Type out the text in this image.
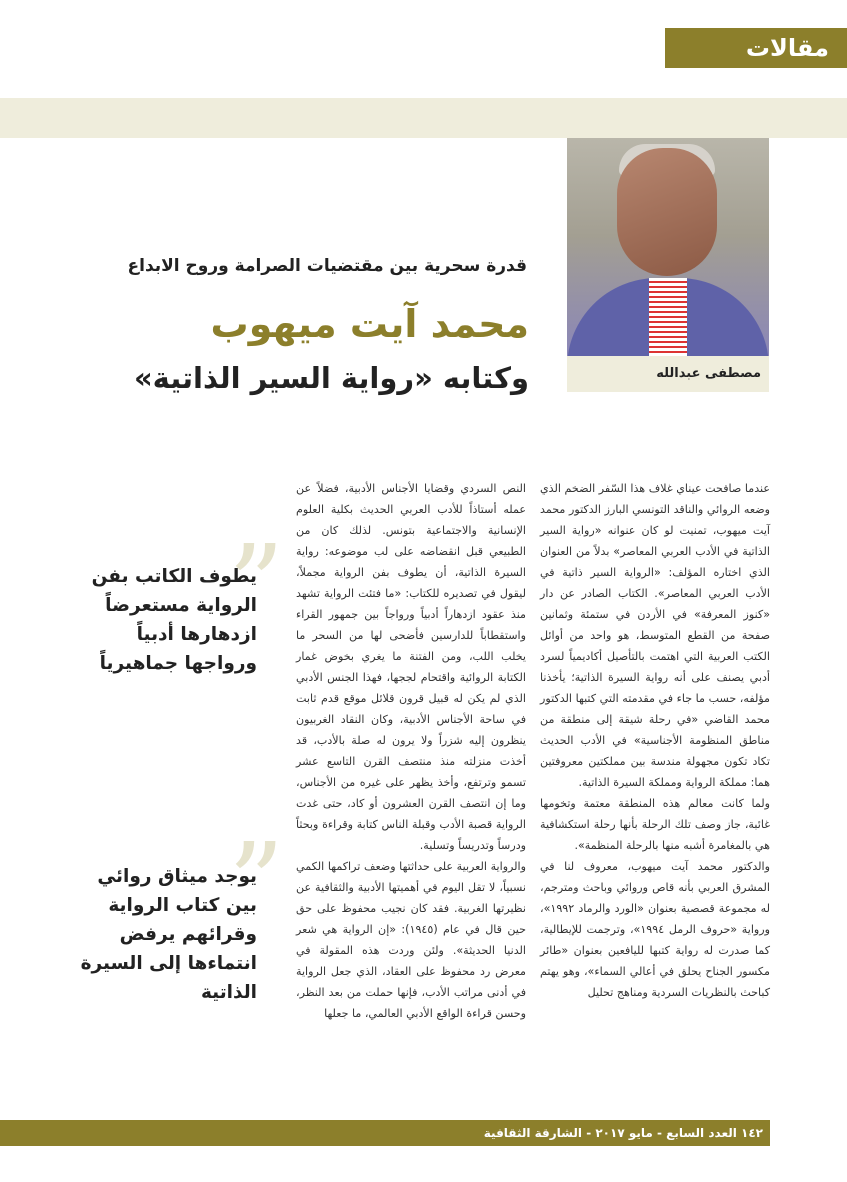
مقالات
مصطفى عبدالله
قدرة سحرية بين مقتضيات الصرامة وروح الابداع
محمد آيت ميهوب
وكتابه «رواية السير الذاتية»

عندما صافحت عيناي غلاف هذا السّفر الضخم الذي وضعه الروائي والناقد التونسي البارز الدكتور محمد آيت ميهوب، تمنيت لو كان عنوانه «رواية السير الذاتية في الأدب العربي المعاصر» بدلاً من العنوان الذي اختاره المؤلف: «الرواية السير ذاتية في الأدب العربي المعاصر». الكتاب الصادر عن دار «كنوز المعرفة» في الأردن في ستمئة وثمانين صفحة من القطع المتوسط، هو واحد من أوائل الكتب العربية التي اهتمت بالتأصيل أكاديمياً لسرد أدبي يصنف على أنه رواية السيرة الذاتية؛ يأخذنا مؤلفه، حسب ما جاء في مقدمته التي كتبها الدكتور محمد القاضي «في رحلة شيقة إلى منطقة من مناطق المنظومة الأجناسية» في الأدب الحديث تكاد تكون مجهولة مندسة بين مملكتين معروفتين هما: مملكة الرواية ومملكة السيرة الذاتية.

ولما كانت معالم هذه المنطقة معتمة وتخومها غائبة، جاز وصف تلك الرحلة بأنها رحلة استكشافية هي بالمغامرة أشبه منها بالرحلة المنظمة».

والدكتور محمد آيت ميهوب، معروف لنا في المشرق العربي بأنه قاص وروائي وباحث ومترجم، له مجموعة قصصية بعنوان «الورد والرماد ١٩٩٢»، ورواية «حروف الرمل ١٩٩٤»، وترجمت للإيطالية، كما صدرت له رواية كتبها لليافعين بعنوان «طائر مكسور الجناح يحلق في أعالي السماء»، وهو يهتم كباحث بالنظريات السردية ومناهج تحليل

النص السردي وقضايا الأجناس الأدبية، فضلاً عن عمله أستاذاً للأدب العربي الحديث بكلية العلوم الإنسانية والاجتماعية بتونس. لذلك كان من الطبيعي قبل انقضاضه على لب موضوعه: رواية السيرة الذاتية، أن يطوف بفن الرواية مجملاً، ليقول في تصديره للكتاب: «ما فتئت الرواية تشهد منذ عقود ازدهاراً أدبياً ورواجاً بين جمهور القراء واستقطاباً للدارسين فأضحى لها من السحر ما يخلب اللب، ومن الفتنة ما يغري بخوض غمار الكتابة الروائية واقتحام لججها، فهذا الجنس الأدبي الذي لم يكن له قبيل قرون قلائل موقع قدم ثابت في ساحة الأجناس الأدبية، وكان النقاد الغربيون ينظرون إليه شزراً ولا يرون له صلة بالأدب، قد أخذت منزلته منذ منتصف القرن التاسع عشر تسمو وترتفع، وأخذ يظهر على غيره من الأجناس، وما إن انتصف القرن العشرون أو كاد، حتى غدت الرواية قصبة الأدب وقبلة الناس كتابة وقراءة وبحثاً ودرساً وتدريساً وتسلية.

والرواية العربية على حداثتها وضعف تراكمها الكمي نسبياً، لا تقل اليوم في أهميتها الأدبية والثقافية عن نظيرتها الغربية. فقد كان نجيب محفوظ على حق حين قال في عام (١٩٤٥): «إن الرواية هي شعر الدنيا الحديثة». ولئن وردت هذه المقولة في معرض رد محفوظ على العقاد، الذي جعل الرواية في أدنى مراتب الأدب، فإنها حملت من بعد النظر، وحسن قراءة الواقع الأدبي العالمي، ما جعلها

”
يطوف الكاتب بفن الرواية مستعرضاً ازدهارها أدبياً ورواجها جماهيرياً
”
يوجد ميثاق روائي بين كتاب الرواية وقرائهم يرفض انتماءها إلى السيرة الذاتية
١٤٢ العدد السابع - مايو ٢٠١٧ - الشارقة الثقافية
